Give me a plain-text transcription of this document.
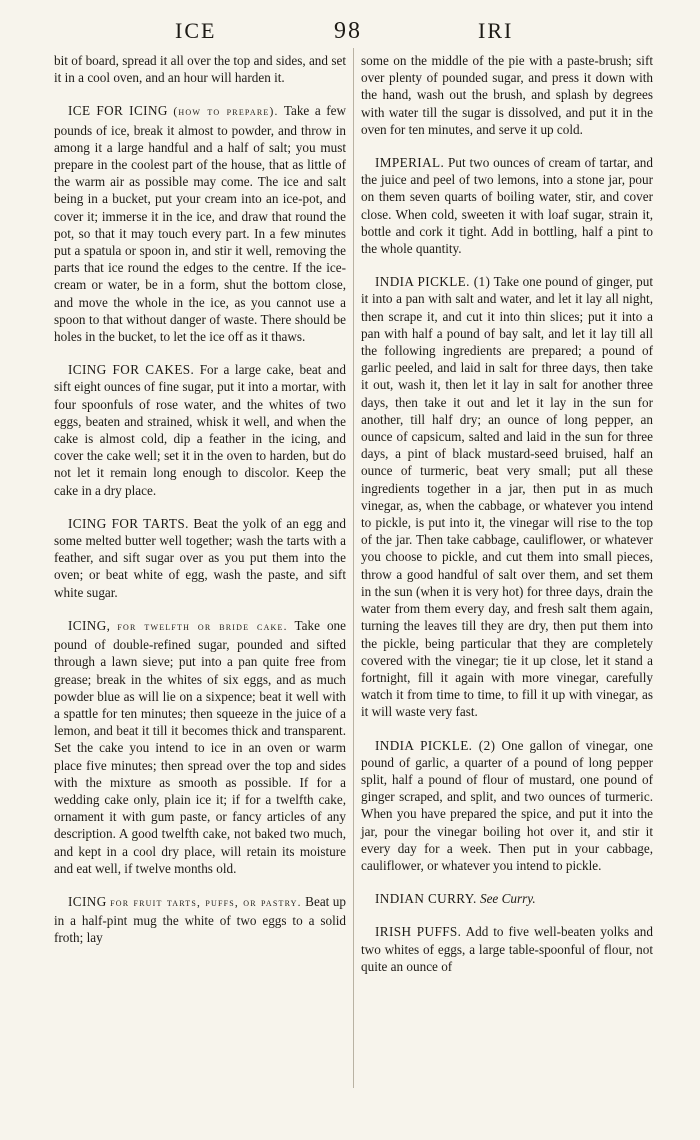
ICE	98	IRI

bit of board, spread it all over the top and sides, and set it in a cool oven, and an hour will harden it.

ICE FOR ICING (how to prepare). Take a few pounds of ice, break it almost to powder, and throw in among it a large handful and a half of salt; you must prepare in the coolest part of the house, that as little of the warm air as possible may come. The ice and salt being in a bucket, put your cream into an ice-pot, and cover it; immerse it in the ice, and draw that round the pot, so that it may touch every part. In a few minutes put a spatula or spoon in, and stir it well, removing the parts that ice round the edges to the centre. If the ice-cream or water, be in a form, shut the bottom close, and move the whole in the ice, as you cannot use a spoon to that without danger of waste. There should be holes in the bucket, to let the ice off as it thaws.

ICING FOR CAKES. For a large cake, beat and sift eight ounces of fine sugar, put it into a mortar, with four spoonfuls of rose water, and the whites of two eggs, beaten and strained, whisk it well, and when the cake is almost cold, dip a feather in the icing, and cover the cake well; set it in the oven to harden, but do not let it remain long enough to discolor. Keep the cake in a dry place.

ICING FOR TARTS. Beat the yolk of an egg and some melted butter well together; wash the tarts with a feather, and sift sugar over as you put them into the oven; or beat white of egg, wash the paste, and sift white sugar.

ICING, for twelfth or bride cake. Take one pound of double-refined sugar, pounded and sifted through a lawn sieve; put into a pan quite free from grease; break in the whites of six eggs, and as much powder blue as will lie on a sixpence; beat it well with a spattle for ten minutes; then squeeze in the juice of a lemon, and beat it till it becomes thick and transparent. Set the cake you intend to ice in an oven or warm place five minutes; then spread over the top and sides with the mixture as smooth as possible. If for a wedding cake only, plain ice it; if for a twelfth cake, ornament it with gum paste, or fancy articles of any description. A good twelfth cake, not baked two much, and kept in a cool dry place, will retain its moisture and eat well, if twelve months old.

ICING for fruit tarts, puffs, or pastry. Beat up in a half-pint mug the white of two eggs to a solid froth; lay

some on the middle of the pie with a paste-brush; sift over plenty of pounded sugar, and press it down with the hand, wash out the brush, and splash by degrees with water till the sugar is dissolved, and put it in the oven for ten minutes, and serve it up cold.

IMPERIAL. Put two ounces of cream of tartar, and the juice and peel of two lemons, into a stone jar, pour on them seven quarts of boiling water, stir, and cover close. When cold, sweeten it with loaf sugar, strain it, bottle and cork it tight. Add in bottling, half a pint to the whole quantity.

INDIA PICKLE. (1) Take one pound of ginger, put it into a pan with salt and water, and let it lay all night, then scrape it, and cut it into thin slices; put it into a pan with half a pound of bay salt, and let it lay till all the following ingredients are prepared; a pound of garlic peeled, and laid in salt for three days, then take it out, wash it, then let it lay in salt for another three days, then take it out and let it lay in the sun for another, till half dry; an ounce of long pepper, an ounce of capsicum, salted and laid in the sun for three days, a pint of black mustard-seed bruised, half an ounce of turmeric, beat very small; put all these ingredients together in a jar, then put in as much vinegar, as, when the cabbage, or whatever you intend to pickle, is put into it, the vinegar will rise to the top of the jar. Then take cabbage, cauliflower, or whatever you choose to pickle, and cut them into small pieces, throw a good handful of salt over them, and set them in the sun (when it is very hot) for three days, drain the water from them every day, and fresh salt them again, turning the leaves till they are dry, then put them into the pickle, being particular that they are completely covered with the vinegar; tie it up close, let it stand a fortnight, fill it again with more vinegar, carefully watch it from time to time, to fill it up with vinegar, as it will waste very fast.

INDIA PICKLE. (2) One gallon of vinegar, one pound of garlic, a quarter of a pound of long pepper split, half a pound of flour of mustard, one pound of ginger scraped, and split, and two ounces of turmeric. When you have prepared the spice, and put it into the jar, pour the vinegar boiling hot over it, and stir it every day for a week. Then put in your cabbage, cauliflower, or whatever you intend to pickle.

INDIAN CURRY. See Curry.

IRISH PUFFS. Add to five well-beaten yolks and two whites of eggs, a large table-spoonful of flour, not quite an ounce of
